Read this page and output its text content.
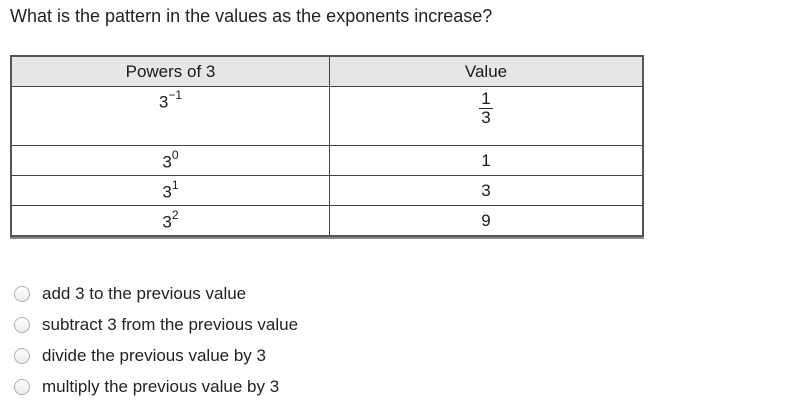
What is the pattern in the values as the exponents increase?
Powers of 3	Value
$3^{-1}$	$\frac{1}{3}$

$3^0$	1
$3^1$	3
$3^2$	9
add 3 to the previous value
subtract 3 from the previous value
divide the previous value by 3
multiply the previous value by 3
